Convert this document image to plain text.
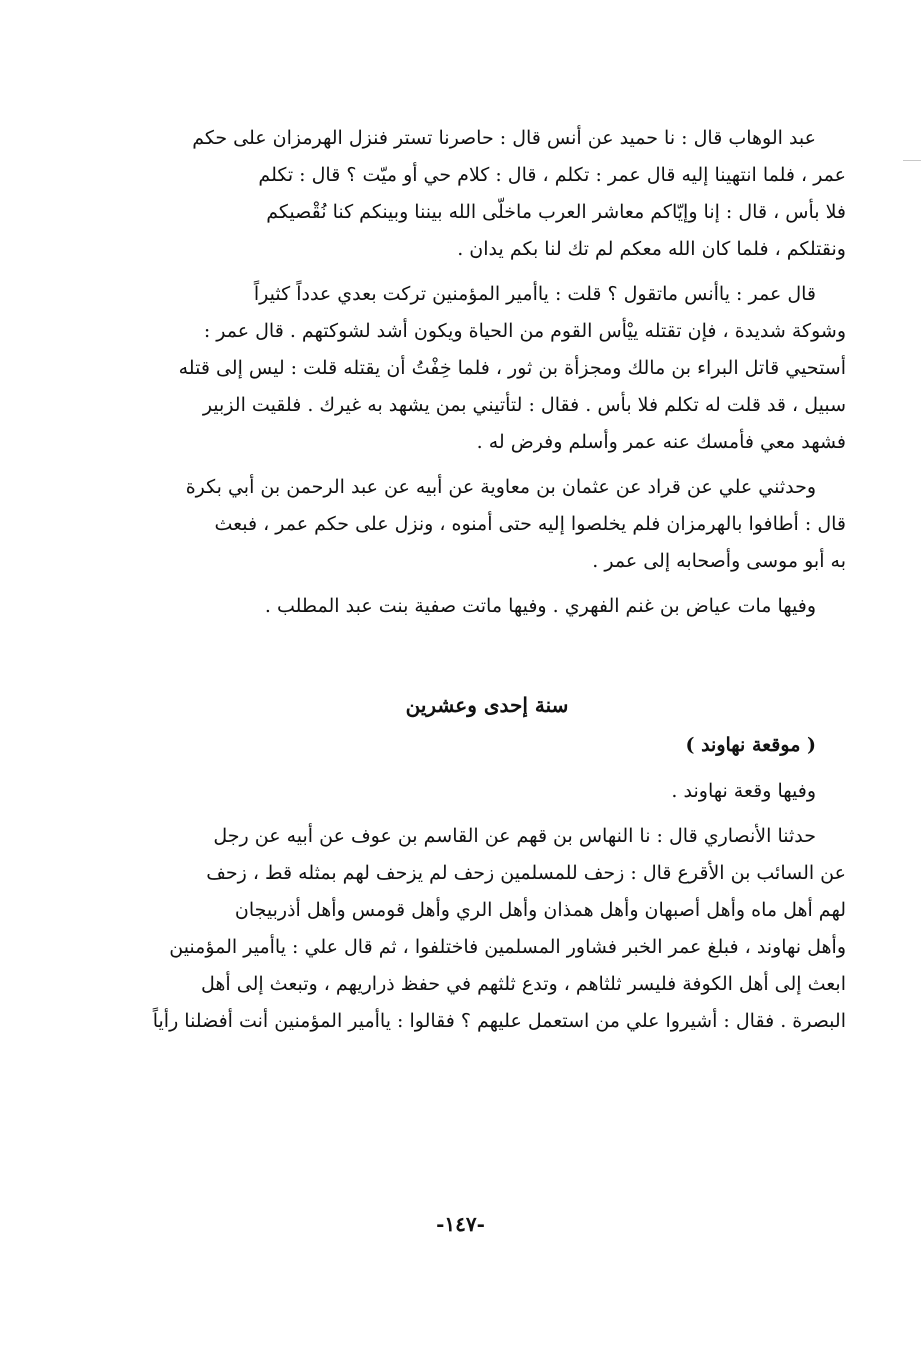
عبد الوهاب قال : نا حميد عن أنس قال : حاصرنا تستر فنزل الهرمزان على حكم
عمر ، فلما انتهينا إليه قال عمر : تكلم ، قال : كلام حي أو ميّت ؟ قال : تكلم
فلا بأس ، قال : إنا وإيّاكم معاشر العرب ماخلّى الله بيننا وبينكم كنا نُقْصيكم
ونقتلكم ، فلما كان الله معكم لم تك لنا بكم يدان .

قال عمر : ياأنس ماتقول ؟ قلت : ياأمير المؤمنين تركت بعدي عدداً كثيراً
وشوكة شديدة ، فإن تقتله ييْأس القوم من الحياة ويكون أشد لشوكتهم . قال عمر :
أستحيي قاتل البراء بن مالك ومجزأة بن ثور ، فلما خِفْتُ أن يقتله قلت : ليس إلى قتله
سبيل ، قد قلت له تكلم فلا بأس . فقال : لتأتيني بمن يشهد به غيرك . فلقيت الزبير
فشهد معي فأمسك عنه عمر وأسلم وفرض له .

وحدثني علي عن قراد عن عثمان بن معاوية عن أبيه عن عبد الرحمن بن أبي بكرة
قال : أطافوا بالهرمزان فلم يخلصوا إليه حتى أمنوه ، ونزل على حكم عمر ، فبعث
به أبو موسى وأصحابه إلى عمر .

وفيها مات عياض بن غنم الفهري . وفيها ماتت صفية بنت عبد المطلب .

سنة إحدى وعشرين
( موقعة نهاوند )

وفيها وقعة نهاوند .

حدثنا الأنصاري قال : نا النهاس بن قهم عن القاسم بن عوف عن أبيه عن رجل
عن السائب بن الأقرع قال : زحف للمسلمين زحف لم يزحف لهم بمثله قط ، زحف
لهم أهل ماه وأهل أصبهان وأهل همذان وأهل الري وأهل قومس وأهل أذربيجان
وأهل نهاوند ، فبلغ عمر الخبر فشاور المسلمين فاختلفوا ، ثم قال علي : ياأمير المؤمنين
ابعث إلى أهل الكوفة فليسر ثلثاهم ، وتدع ثلثهم في حفظ ذراريهم ، وتبعث إلى أهل
البصرة . فقال : أشيروا علي من استعمل عليهم ؟ فقالوا : ياأمير المؤمنين أنت أفضلنا رأياً

-١٤٧-
